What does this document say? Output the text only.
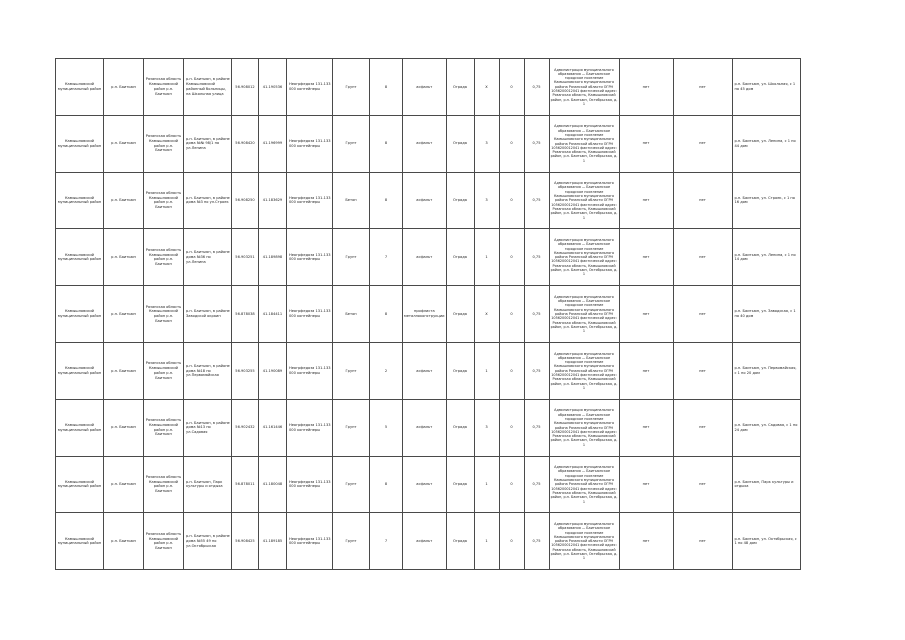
Камышловский муниципальный район	р.п. Баитьюн	Рязанская область Камышловский район р.п. Баитьюн	р.п. Баитьюн, в районе Камышловский районный больницы, на Школьная улица	56.908012	41.190536	Неогрфедоза 131-133 000 контейнеры	Грунт	8	асфальт	Ограда	Х	0	0,75	Администрация муниципального образования — Баитьюнское городское поселение Камышловского муниципального района Рязанской области ОГРН 1056200012041 фактический адрес: Рязанская область, Камышловский район, р.п. Баитьюн, Октябрьская, д. 1	нет	нет	р.п. Баитьюн, ул. Школьная, с 1 по 45 дом
Камышловский муниципальный район	р.п. Баитьюн	Рязанская область Камышловский район р.п. Баитьюн	р.п. Баитьюн, в районе дома №№ 98/1 на ул.Ленина	56.908420	41.196999	Неогрфедоза 131-133 000 контейнеры	Грунт	8	асфальт	Ограда	3	0	0,75	Администрация муниципального образования — Баитьюнское городское поселение Камышловского муниципального района Рязанской области ОГРН 1056200012041 фактический адрес: Рязанская область, Камышловский район, р.п. Баитьюн, Октябрьская, д. 1	нет	нет	р.п. Баитьюн, ул. Ленина, с 1 по 44 дом
Камышловский муниципальный район	р.п. Баитьюн	Рязанская область Камышловский район р.п. Баитьюн	р.п. Баитьюн, в районе дома №3 по ул.Строек	56.908250	41.183629	Неогрфедоза 131-133 000 контейнеры	Бетон	8	асфальт	Ограда	3	0	0,75	Администрация муниципального образования — Баитьюнское городское поселение Камышловского муниципального района Рязанской области ОГРН 1056200012041 фактический адрес: Рязанская область, Камышловский район, р.п. Баитьюн, Октябрьская, д. 1	нет	нет	р.п. Баитьюн, ул. Строек, с 1 по 16 дом
Камышловский муниципальный район	р.п. Баитьюн	Рязанская область Камышловский район р.п. Баитьюн	р.п. Баитьюн, в районе дома №36 по ул.Ленина	56.903251	41.189898	Неогрфедоза 131-133 000 контейнеры	Грунт	7	асфальт	Ограда	1	0	0,75	Администрация муниципального образования — Баитьюнское городское поселение Камышловского муниципального района Рязанской области ОГРН 1056200012041 фактический адрес: Рязанская область, Камышловский район, р.п. Баитьюн, Октябрьская, д. 1	нет	нет	р.п. Баитьюн, ул. Ленина, с 1 по 14 дом
Камышловский муниципальный район	р.п. Баитьюн	Рязанская область Камышловский район р.п. Баитьюн	р.п. Баитьюн, в районе Заводской окраин	56.878038	41.184411	Неогрфедоза 131-133 000 контейнеры	Бетон	8	профлиста металлоконструкции	Ограда	Х	0	0,75	Администрация муниципального образования — Баитьюнское городское поселение Камышловского муниципального района Рязанской области ОГРН 1056200012041 фактический адрес: Рязанская область, Камышловский район, р.п. Баитьюн, Октябрьская, д. 1	нет	нет	р.п. Баитьюн, ул. Заводская, с 1 по 40 дом
Камышловский муниципальный район	р.п. Баитьюн	Рязанская область Камышловский район р.п. Баитьюн	р.п. Баитьюн, в районе дома №18 по ул.Первомайская	56.903255	41.190089	Неогрфедоза 131-133 000 контейнеры	Грунт	2	асфальт	Ограда	1	0	0,75	Администрация муниципального образования — Баитьюнское городское поселение Камышловского муниципального района Рязанской области ОГРН 1056200012041 фактический адрес: Рязанская область, Камышловский район, р.п. Баитьюн, Октябрьская, д. 1	нет	нет	р.п. Баитьюн, ул. Первомайская, с 1 по 20 дом
Камышловский муниципальный район	р.п. Баитьюн	Рязанская область Камышловский район р.п. Баитьюн	р.п. Баитьюн, в районе дома №13 по ул.Садовая	56.902432	41.161446	Неогрфедоза 131-133 000 контейнеры	Грунт	5	асфальт	Ограда	3	0	0,75	Администрация муниципального образования — Баитьюнское городское поселение Камышловского муниципального района Рязанской области ОГРН 1056200012041 фактический адрес: Рязанская область, Камышловский район, р.п. Баитьюн, Октябрьская, д. 1	нет	нет	р.п. Баитьюн, ул. Садовая, с 1 по 24 дом
Камышловский муниципальный район	р.п. Баитьюн	Рязанская область Камышловский район р.п. Баитьюн	р.п. Баитьюн, Парк культуры и отдыха	56.878011	41.180048	Неогрфедоза 131-133 000 контейнеры	Грунт	8	асфальт	Ограда	1	0	0,75	Администрация муниципального образования — Баитьюнское городское поселение Камышловского муниципального района Рязанской области ОГРН 1056200012041 фактический адрес: Рязанская область, Камышловский район, р.п. Баитьюн, Октябрьская, д. 1	нет	нет	р.п. Баитьюн, Парк культуры и отдыха
Камышловский муниципальный район	р.п. Баитьюн	Рязанская область Камышловский район р.п. Баитьюн	р.п. Баитьюн, в районе дома №55 49 по ул.Октябрьская	56.908425	41.189185	Неогрфедоза 131-133 000 контейнеры	Грунт	7	асфальт	Ограда	1	0	0,75	Администрация муниципального образования — Баитьюнское городское поселение Камышловского муниципального района Рязанской области ОГРН 1056200012041 фактический адрес: Рязанская область, Камышловский район, р.п. Баитьюн, Октябрьская, д. 1	нет	нет	р.п. Баитьюн, ул. Октябрьская, с 1 по 48 дом
